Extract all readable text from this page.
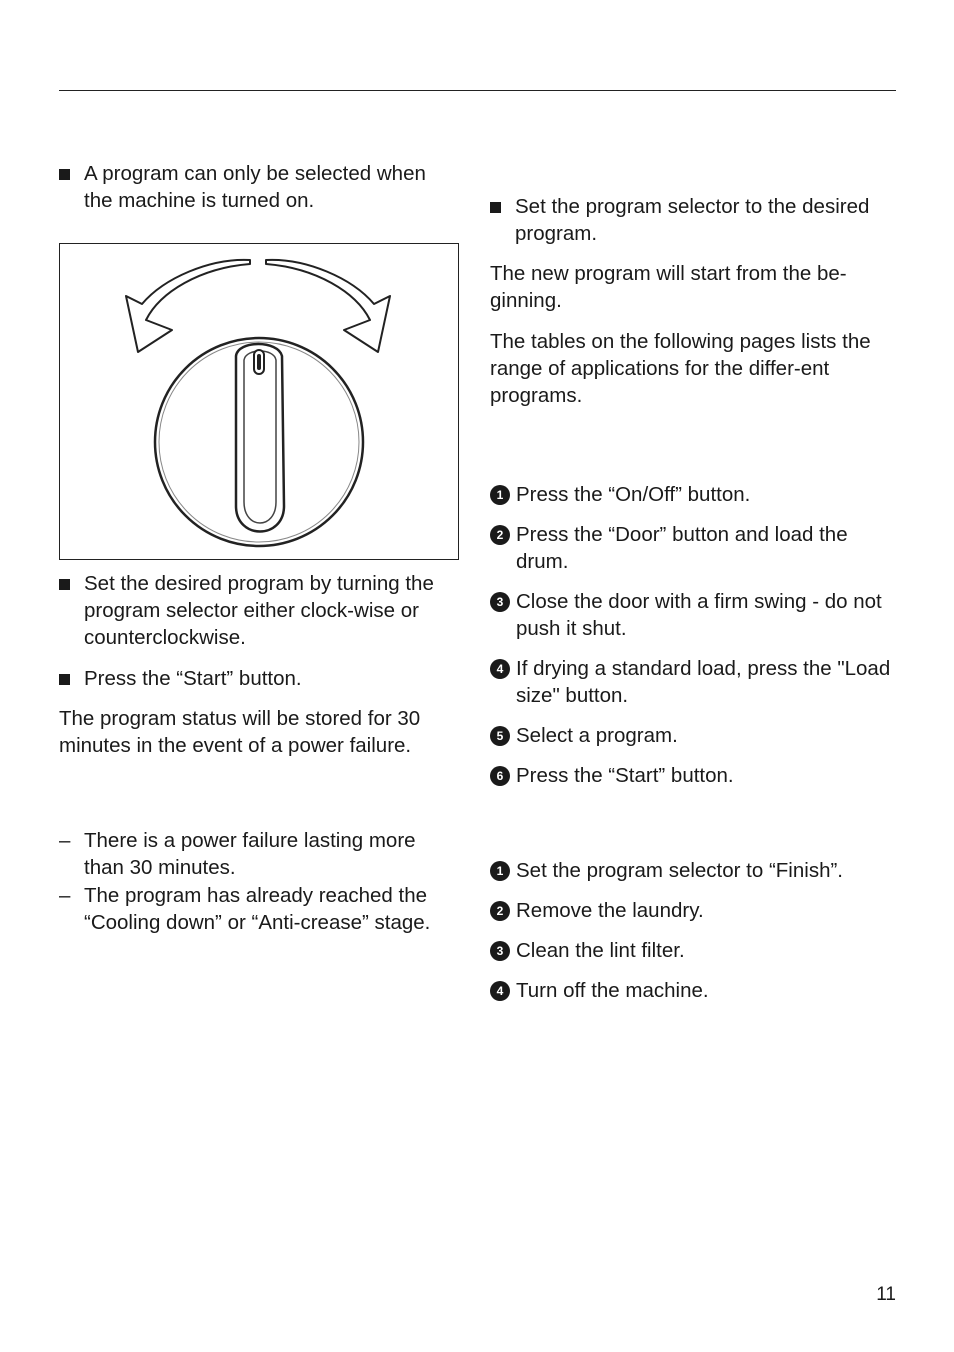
A program can only be selected when the machine is turned on.

Set the desired program by turning the program selector either clock-wise or counterclockwise.

Press the “Start” button.

The program status will be stored for 30 minutes in the event of a power failure.

– There is a power failure lasting more than 30 minutes.

– The program has already reached the “Cooling down” or “Anti-crease” stage.

Set the program selector to the desired program.

The new program will start from the be-ginning.

The tables on the following pages lists the range of applications for the differ-ent programs.

1 Press the “On/Off” button.

2 Press the “Door” button and load the drum.

3 Close the door with a firm swing - do not push it shut.

4 If drying a standard load, press the "Load size" button.

5 Select a program.

6 Press the “Start” button.

1 Set the program selector to “Finish”.

2 Remove the laundry.

3 Clean the lint filter.

4 Turn off the machine.

11
